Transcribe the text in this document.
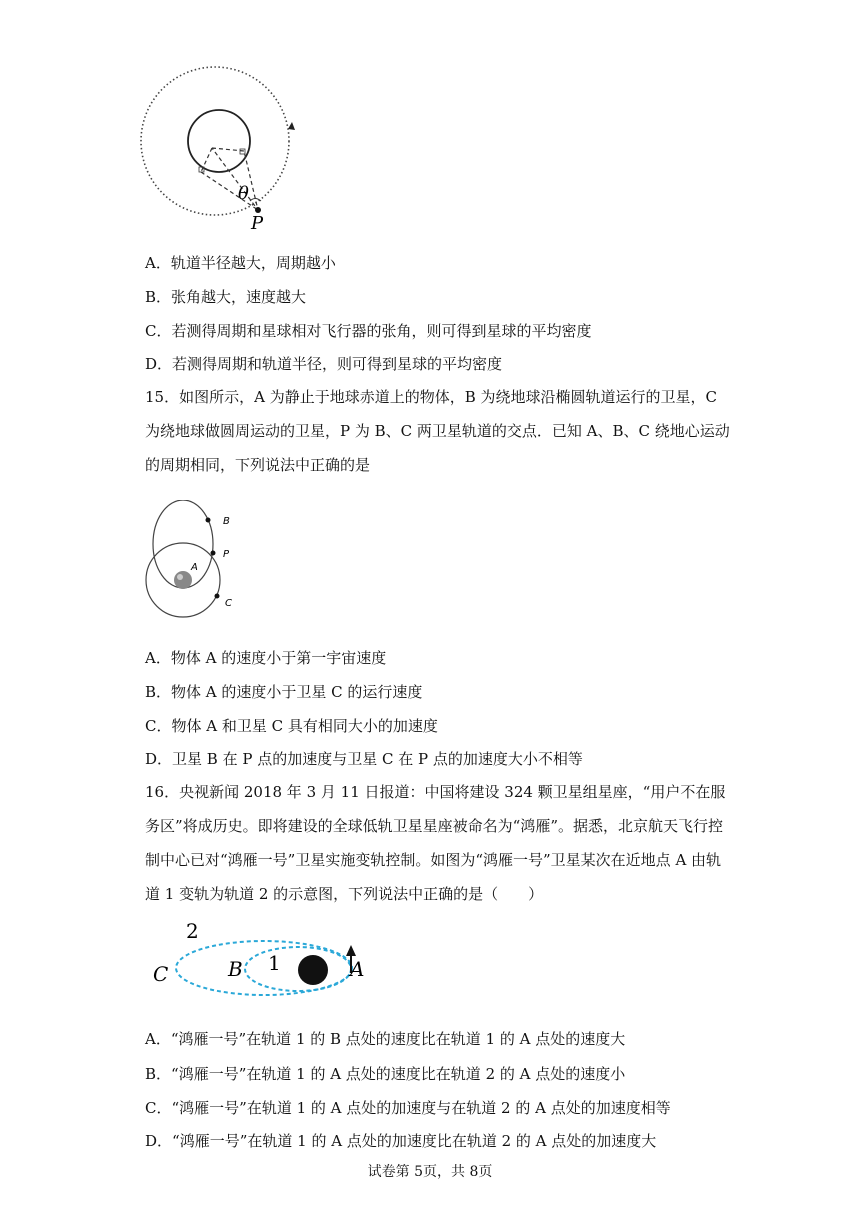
θ
P
A．轨道半径越大，周期越小
B．张角越大，速度越大
C．若测得周期和星球相对飞行器的张角，则可得到星球的平均密度
D．若测得周期和轨道半径，则可得到星球的平均密度
15．如图所示，A 为静止于地球赤道上的物体，B 为绕地球沿椭圆轨道运行的卫星，C 为绕地球做圆周运动的卫星，P 为 B、C 两卫星轨道的交点．已知 A、B、C 绕地心运动的周期相同，下列说法中正确的是
B
P
A
C
A．物体 A 的速度小于第一宇宙速度
B．物体 A 的速度小于卫星 C 的运行速度
C．物体 A 和卫星 C 具有相同大小的加速度
D．卫星 B 在 P 点的加速度与卫星 C 在 P 点的加速度大小不相等
16．央视新闻 2018 年 3 月 11 日报道：中国将建设 324 颗卫星组星座，“用户不在服务区”将成历史。即将建设的全球低轨卫星星座被命名为“鸿雁”。据悉，北京航天飞行控制中心已对“鸿雁一号”卫星实施变轨控制。如图为“鸿雁一号”卫星某次在近地点 A 由轨道 1 变轨为轨道 2 的示意图，下列说法中正确的是（　　）
2
1
C	B	A
A．“鸿雁一号”在轨道 1 的 B 点处的速度比在轨道 1 的 A 点处的速度大
B．“鸿雁一号”在轨道 1 的 A 点处的速度比在轨道 2 的 A 点处的速度小
C．“鸿雁一号”在轨道 1 的 A 点处的加速度与在轨道 2 的 A 点处的加速度相等
D．“鸿雁一号”在轨道 1 的 A 点处的加速度比在轨道 2 的 A 点处的加速度大
试卷第 5页，共 8页
